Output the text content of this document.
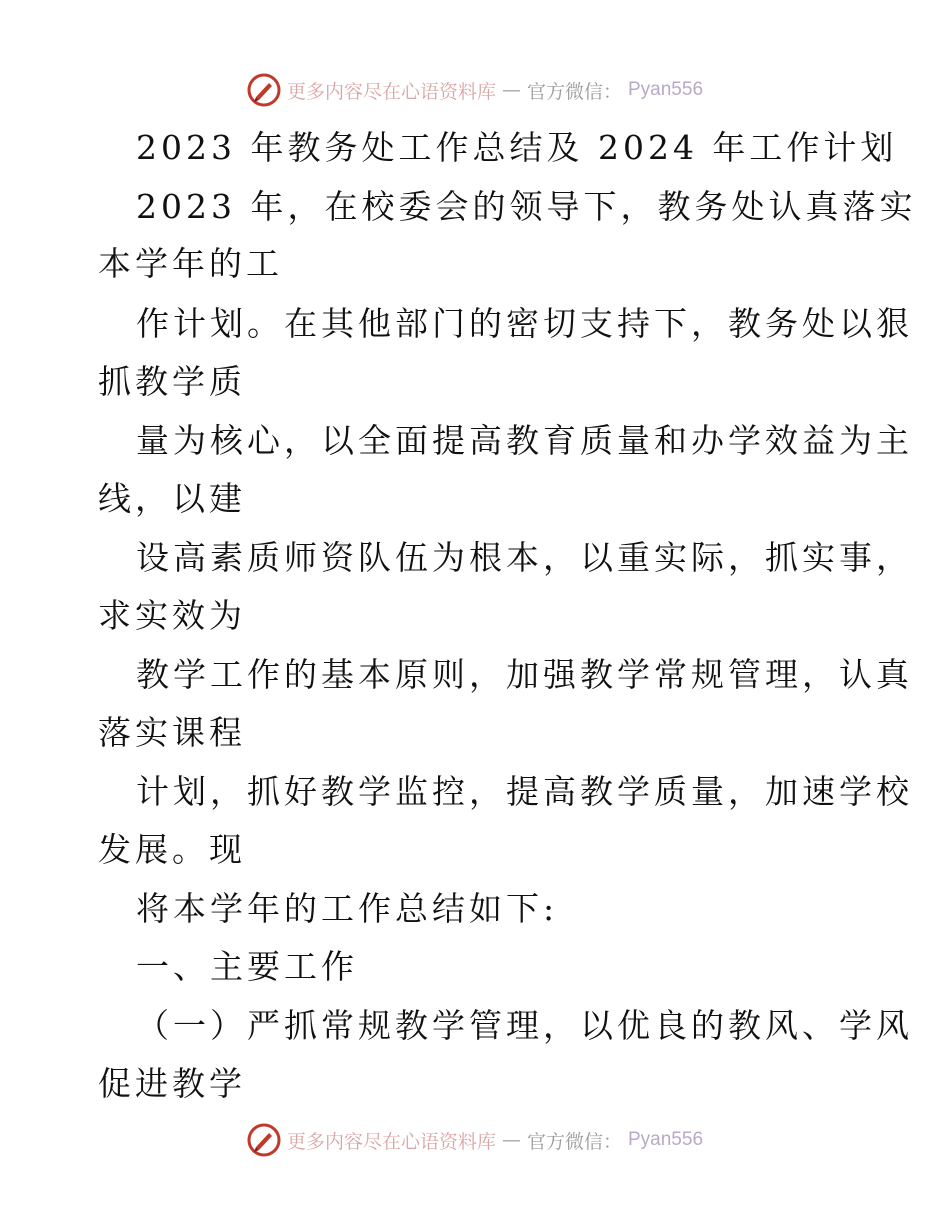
更多内容尽在心语资料库 — 官方微信： Pyan556
2023 年教务处工作总结及 2024 年工作计划
2023 年，在校委会的领导下，教务处认真落实
本学年的工
作计划。在其他部门的密切支持下，教务处以狠
抓教学质
量为核心，以全面提高教育质量和办学效益为主
线，以建
设高素质师资队伍为根本，以重实际，抓实事，
求实效为
教学工作的基本原则，加强教学常规管理，认真
落实课程
计划，抓好教学监控，提高教学质量，加速学校
发展。现
将本学年的工作总结如下:
一、主要工作
（一）严抓常规教学管理，以优良的教风、学风
促进教学
更多内容尽在心语资料库 — 官方微信： Pyan556
